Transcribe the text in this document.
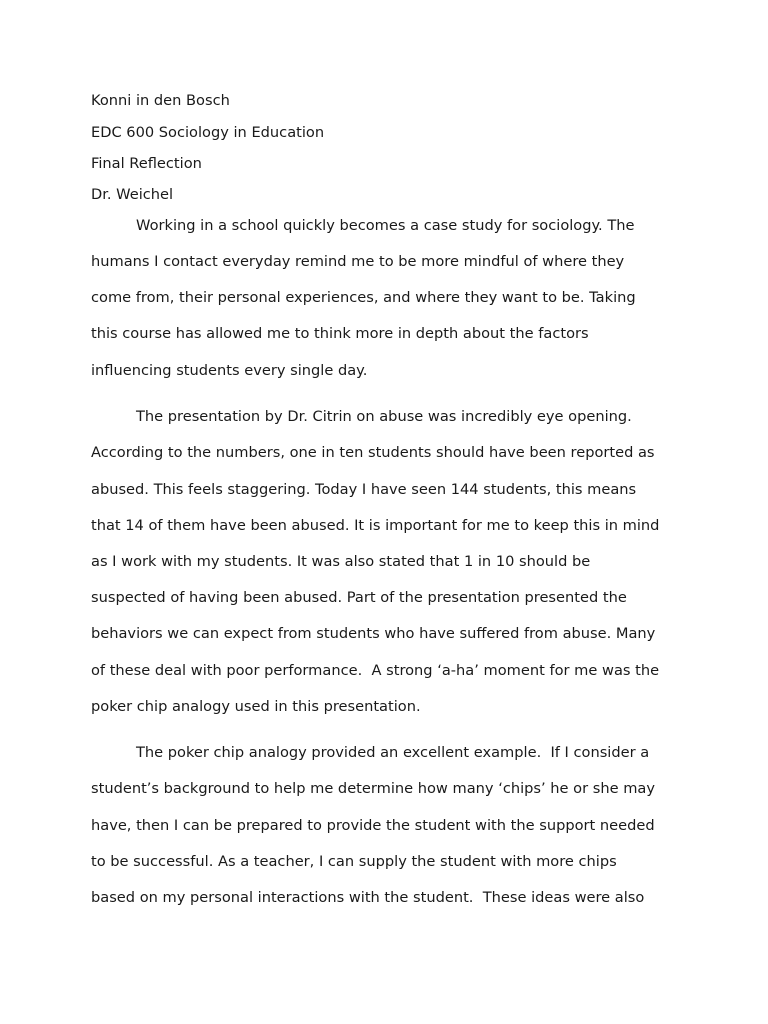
Konni in den Bosch
EDC 600 Sociology in Education
Final Reflection
Dr. Weichel
Working in a school quickly becomes a case study for sociology. The
humans I contact everyday remind me to be more mindful of where they
come from, their personal experiences, and where they want to be. Taking
this course has allowed me to think more in depth about the factors
influencing students every single day.
The presentation by Dr. Citrin on abuse was incredibly eye opening.
According to the numbers, one in ten students should have been reported as
abused. This feels staggering. Today I have seen 144 students, this means
that 14 of them have been abused. It is important for me to keep this in mind
as I work with my students. It was also stated that 1 in 10 should be
suspected of having been abused. Part of the presentation presented the
behaviors we can expect from students who have suffered from abuse. Many
of these deal with poor performance.  A strong ‘a-ha’ moment for me was the
poker chip analogy used in this presentation.
The poker chip analogy provided an excellent example.  If I consider a
student’s background to help me determine how many ‘chips’ he or she may
have, then I can be prepared to provide the student with the support needed
to be successful. As a teacher, I can supply the student with more chips
based on my personal interactions with the student.  These ideas were also
